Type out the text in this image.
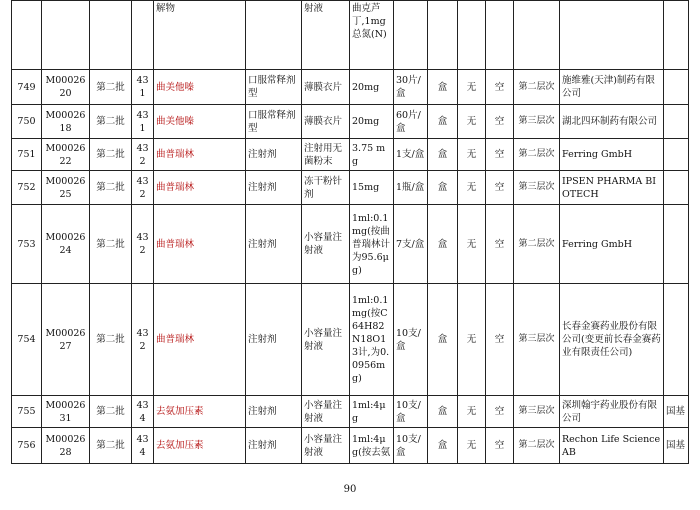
				解物		射液	曲克芦丁,1mg总氮(N)							
749	M0002620	第二批	431	曲美他嗪	口服常释剂型	薄膜衣片	20mg	30片/盒	盒	无	空	第二层次	施维雅(天津)制药有限公司	
750	M0002618	第二批	431	曲美他嗪	口服常释剂型	薄膜衣片	20mg	60片/盒	盒	无	空	第三层次	湖北四环制药有限公司	
751	M0002622	第二批	432	曲普瑞林	注射剂	注射用无菌粉末	3.75 mg	1支/盒	盒	无	空	第二层次	Ferring GmbH	
752	M0002625	第二批	432	曲普瑞林	注射剂	冻干粉针剂	15mg	1瓶/盒	盒	无	空	第三层次	IPSEN PHARMA BIOTECH	
753	M0002624	第二批	432	曲普瑞林	注射剂	小容量注射液	1ml:0.1mg(按曲普瑞林计为95.6μg)	7支/盒	盒	无	空	第二层次	Ferring GmbH	
754	M0002627	第二批	432	曲普瑞林	注射剂	小容量注射液	1ml:0.1mg(按C64H82N18O13计,为0.0956mg)	10支/盒	盒	无	空	第三层次	长春金赛药业股份有限公司(变更前长春金赛药业有限责任公司)	
755	M0002631	第二批	434	去氨加压素	注射剂	小容量注射液	1ml:4μg	10支/盒	盒	无	空	第三层次	深圳翰宇药业股份有限公司	国基
756	M0002628	第二批	434	去氨加压素	注射剂	小容量注射液	1ml:4μg(按去氨	10支/盒	盒	无	空	第二层次	Rechon Life Science AB	国基
90
